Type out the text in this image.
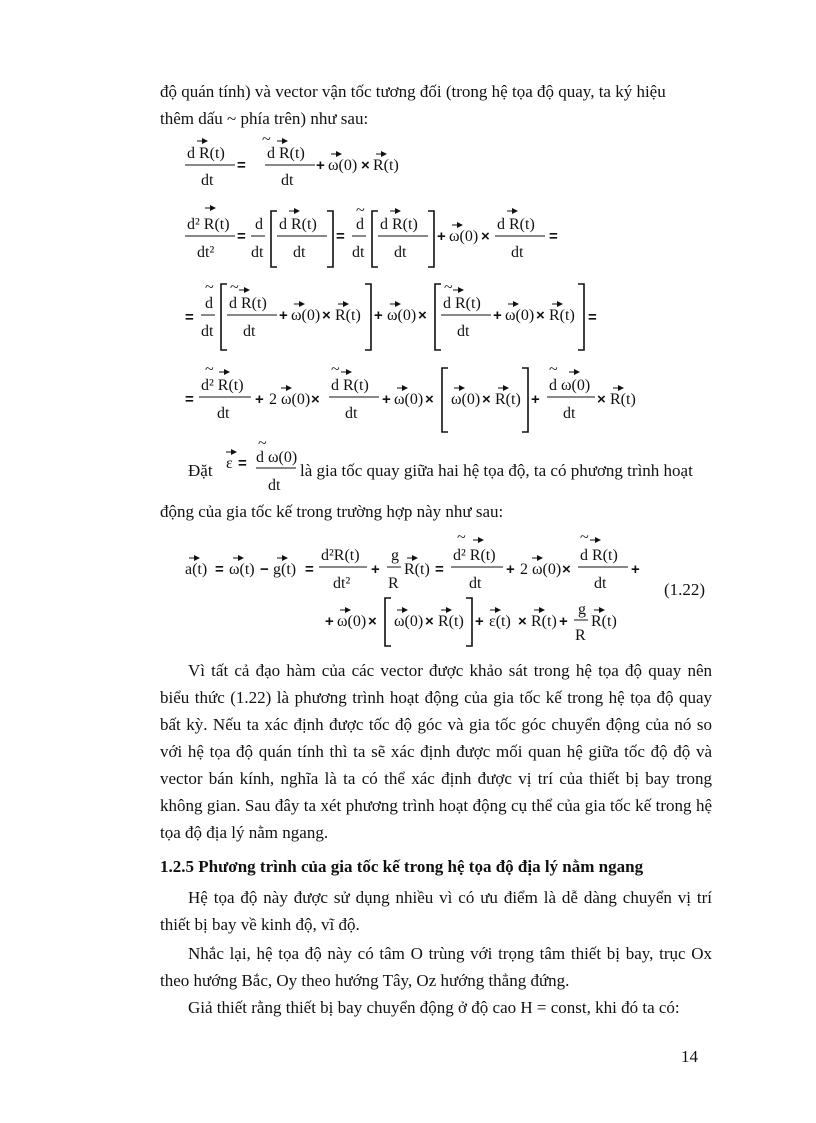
độ quán tính) và vector vận tốc tương đối (trong hệ tọa độ quay, ta ký hiệu
thêm dấu ~ phía trên) như sau:
d R(t)
dt
=
~
d R(t)
dt
+ ω(0) × R(t)
d² R(t)
dt²
=
d
dt
d R(t)
dt
=
~
d
dt
d R(t)
dt
+ ω(0) ×
d R(t)
dt
=
=
~
d
dt
~
d R(t)
dt
+ ω(0) × R(t) + ω(0) ×
~
d R(t)
dt
+ ω(0) × R(t) =
=
~
d² R(t)
dt
+ 2 ω(0) ×
~
d R(t)
dt
+ ω(0) × ω(0) × R(t) +
~
d ω(0)
dt
× R(t)
Đặt ε =
~
d ω(0)
dt
là gia tốc quay giữa hai hệ tọa độ, ta có phương trình hoạt
động của gia tốc kế trong trường hợp này như sau:
a(t) = ω(t) − g(t) =
d²R(t)
dt²
+
g
R
R(t) =
~
d² R(t)
dt
+ 2 ω(0) ×
~
d R(t)
dt
+
+ ω(0) × ω(0) × R(t) + ε(t) × R(t) +
g
R
R(t)
(1.22)
Vì tất cả đạo hàm của các vector được khảo sát trong hệ tọa độ quay nên biểu thức (1.22) là phương trình hoạt động của gia tốc kế trong hệ tọa độ quay bất kỳ. Nếu ta xác định được tốc độ góc và gia tốc góc chuyển động của nó so với hệ tọa độ quán tính thì ta sẽ xác định được mối quan hệ giữa tốc độ độ và vector bán kính, nghĩa là ta có thể xác định được vị trí của thiết bị bay trong không gian. Sau đây ta xét phương trình hoạt động cụ thể của gia tốc kế trong hệ tọa độ địa lý nằm ngang.
1.2.5 Phương trình của gia tốc kế trong hệ tọa độ địa lý nằm ngang
Hệ tọa độ này được sử dụng nhiều vì có ưu điểm là dễ dàng chuyển vị trí thiết bị bay về kinh độ, vĩ độ.
Nhắc lại, hệ tọa độ này có tâm O trùng với trọng tâm thiết bị bay, trục Ox theo hướng Bắc, Oy theo hướng Tây, Oz hướng thẳng đứng.
Giả thiết rằng thiết bị bay chuyển động ở độ cao H = const, khi đó ta có:
14
